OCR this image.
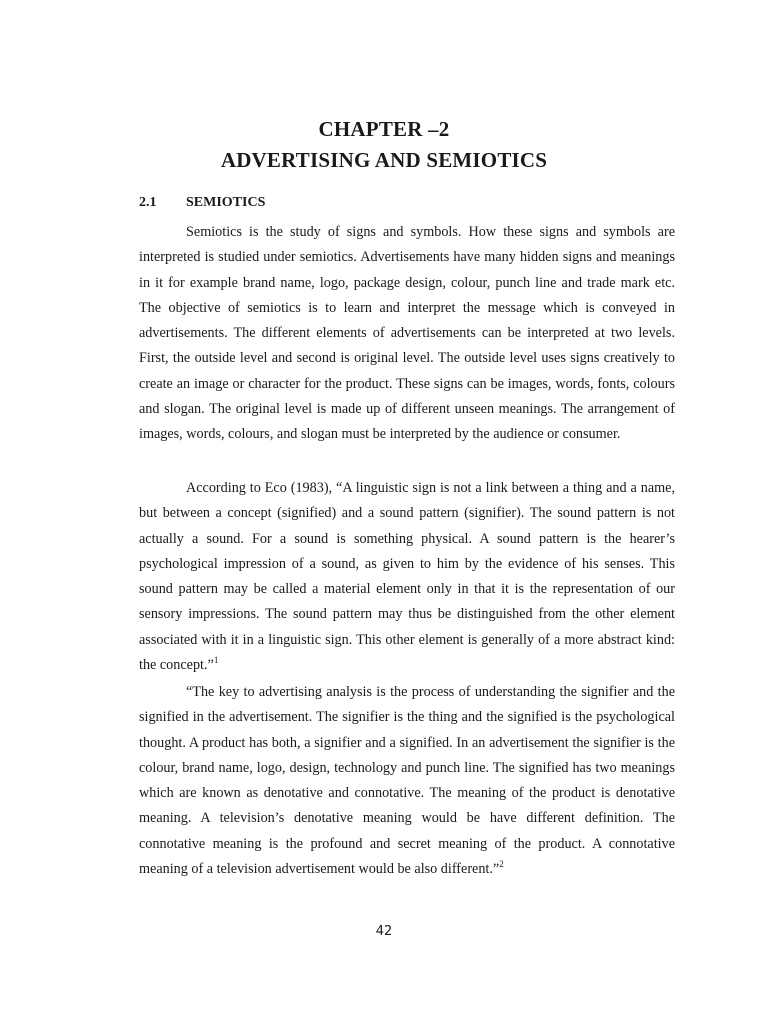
CHAPTER –2
ADVERTISING AND SEMIOTICS
2.1 SEMIOTICS

Semiotics is the study of signs and symbols. How these signs and symbols are interpreted is studied under semiotics. Advertisements have many hidden signs and meanings in it for example brand name, logo, package design, colour, punch line and trade mark etc. The objective of semiotics is to learn and interpret the message which is conveyed in advertisements. The different elements of advertisements can be interpreted at two levels. First, the outside level and second is original level. The outside level uses signs creatively to create an image or character for the product. These signs can be images, words, fonts, colours and slogan. The original level is made up of different unseen meanings. The arrangement of images, words, colours, and slogan must be interpreted by the audience or consumer.

According to Eco (1983), “A linguistic sign is not a link between a thing and a name, but between a concept (signified) and a sound pattern (signifier). The sound pattern is not actually a sound. For a sound is something physical. A sound pattern is the hearer’s psychological impression of a sound, as given to him by the evidence of his senses. This sound pattern may be called a material element only in that it is the representation of our sensory impressions. The sound pattern may thus be distinguished from the other element associated with it in a linguistic sign. This other element is generally of a more abstract kind: the concept.”$^1$

“The key to advertising analysis is the process of understanding the signifier and the signified in the advertisement. The signifier is the thing and the signified is the psychological thought. A product has both, a signifier and a signified. In an advertisement the signifier is the colour, brand name, logo, design, technology and punch line. The signified has two meanings which are known as denotative and connotative. The meaning of the product is denotative meaning. A television’s denotative meaning would be have different definition. The connotative meaning is the profound and secret meaning of the product. A connotative meaning of a television advertisement would be also different.”$^2$

42
